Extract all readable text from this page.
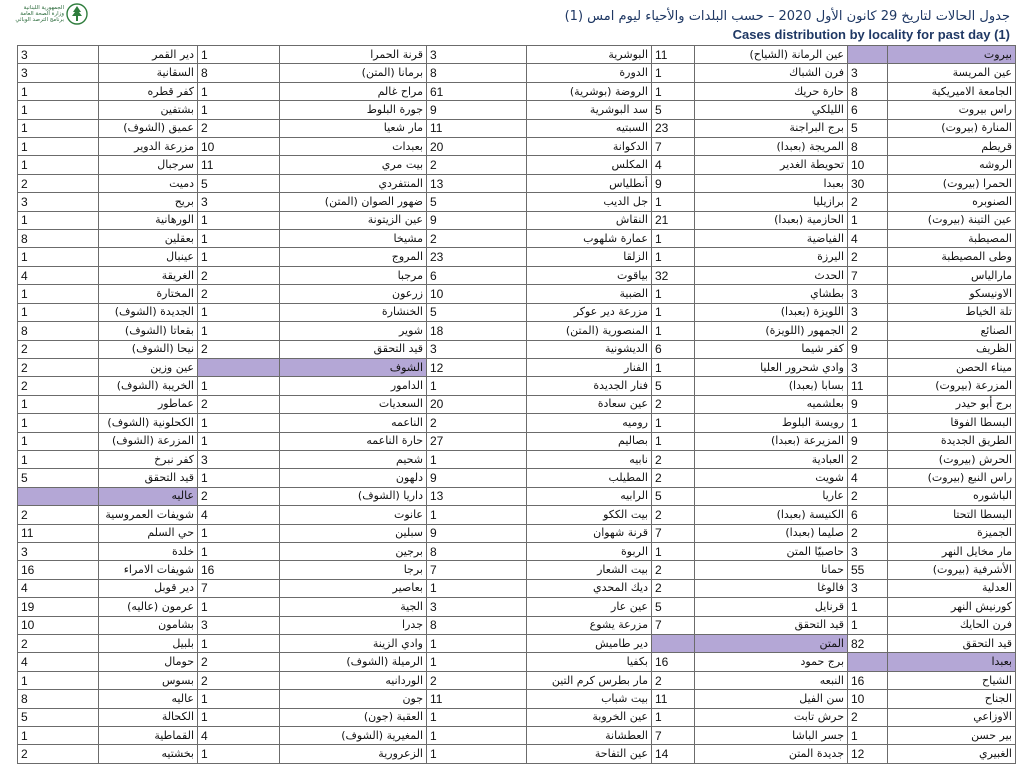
الجمهورية اللبنانية
وزارة الصحة العامة
برنامج الترصد الوبائي	جدول الحالات لتاريخ 29 كانون الأول 2020 – حسب البلدات والأحياء ليوم امس (1)
Cases distribution by locality for past day (1)
3	دير القمر	1	قرنة الحمرا	3	البوشرية	11	عين الرمانة (الشياح)		بيروت
3	السقانية	8	برمانا (المتن)	8	الدورة	1	فرن الشباك	3	عين المريسة
1	كفر قطره	1	مراح غالم	61	الروضة (بوشرية)	1	حارة حريك	8	الجامعة الاميريكية
1	بشتفين	1	جورة البلوط	9	سد البوشرية	5	الليلكي	6	راس بيروت
1	عميق (الشوف)	2	مار شعيا	11	السبتيه	23	برج البراجنة	5	المنارة (بيروت)
1	مزرعة الدوير	10	بعبدات	20	الدكوانة	7	المريجة (بعبدا)	8	قريطم
1	سرجبال	11	بيت مري	2	المكلس	4	تحويطة الغدير	10	الروشه
2	دميت	5	المنتفردي	13	أنطلياس	9	بعبدا	30	الحمرا (بيروت)
3	بريح	3	ضهور الصوان (المتن)	5	جل الديب	1	برازيليا	2	الصنوبره
1	الورهانية	1	عين الزيتونة	9	النقاش	21	الحازمية (بعبدا)	1	عين التينة (بيروت)
8	بعقلين	1	مشيخا	2	عمارة شلهوب	1	الفياضية	4	المصيطبة
1	عينبال	1	المروج	23	الزلقا	1	اليرزة	2	وطى المصيطبة
4	الغريقة	2	مرجبا	6	بياقوت	32	الحدث	7	مارالياس
1	المختارة	2	زرعون	10	الضبية	1	بطشاي	3	الاونيسكو
1	الجديدة (الشوف)	1	الخنشارة	5	مزرعة دير عوكر	1	اللويزة (بعبدا)	3	تلة الخياط
8	بقعاتا (الشوف)	1	شوير	18	المنصورية (المتن)	1	الجمهور (اللويزة)	2	الصنائع
2	نيحا (الشوف)	2	قيد التحقق	3	الديشونية	6	كفر شيما	9	الظريف
2	عين وزين		الشوف	12	الفنار	1	وادي شحرور العليا	3	ميناء الحصن
2	الخريبة (الشوف)	1	الدامور	1	فنار الجديدة	5	بسابا (بعبدا)	11	المزرعة (بيروت)
1	عماطور	2	السعديات	20	عين سعادة	2	بعلشميه	9	برج أبو حيدر
1	الكحلونية (الشوف)	1	الناعمه	2	روميه	1	رويسة البلوط	1	البسطا الفوقا
1	المزرعة (الشوف)	1	حارة الناعمه	27	بصاليم	1	المزيرعة (بعبدا)	9	الطريق الجديدة
1	كفر نبرخ	3	شحيم	1	نابيه	2	العبادية	2	الحرش (بيروت)
5	قيد التحقق	1	دلهون	9	المطيلب	2	شويت	4	راس النبع (بيروت)
	عاليه	2	داريا (الشوف)	13	الرابيه	5	عاريا	2	الباشوره
2	شويفات العمروسية	4	عانوت	1	بيت الككو	2	الكنيسة (بعبدا)	6	البسطا التحتا
11	حي السلم	1	سبلين	9	قرنة شهوان	7	صليما (بعبدا)	2	الجميزة
3	خلدة	1	برجين	8	الربوة	1	حاصبيّا المتن	3	مار مخايل النهر
16	شويفات الامراء	16	برجا	7	بيت الشعار	2	حمانا	55	الأشرفية (بيروت)
4	دير قوبل	7	بعاصير	1	ديك المحدي	2	فالوغا	3	العدلية
19	عرمون (عاليه)	1	الجية	3	عين عار	5	قرنايل	1	كورنيش النهر
10	بشامون	3	جدرا	8	مزرعة يشوع	7	قيد التحقق	1	فرن الحايك
2	بلبيل	1	وادي الزينة	1	دير طاميش		المتن	82	قيد التحقق
4	حومال	2	الرميلة (الشوف)	1	بكفيا	16	برج حمود		بعبدا
1	بسوس	2	الوردانيه	2	مار بطرس كرم التين	2	النبعه	16	الشياح
8	عاليه	1	جون	11	بيت شباب	11	سن الفيل	10	الجناح
5	الكحالة	1	العقبة (جون)	1	عين الخروبة	1	حرش تابت	2	الاوزاعي
1	القماطية	4	المغيرية (الشوف)	1	العطشانة	7	جسر الباشا	1	بير حسن
2	بخشتيه	1	الزعرورية	1	عين التفاحة	14	جديدة المتن	12	الغبيري
